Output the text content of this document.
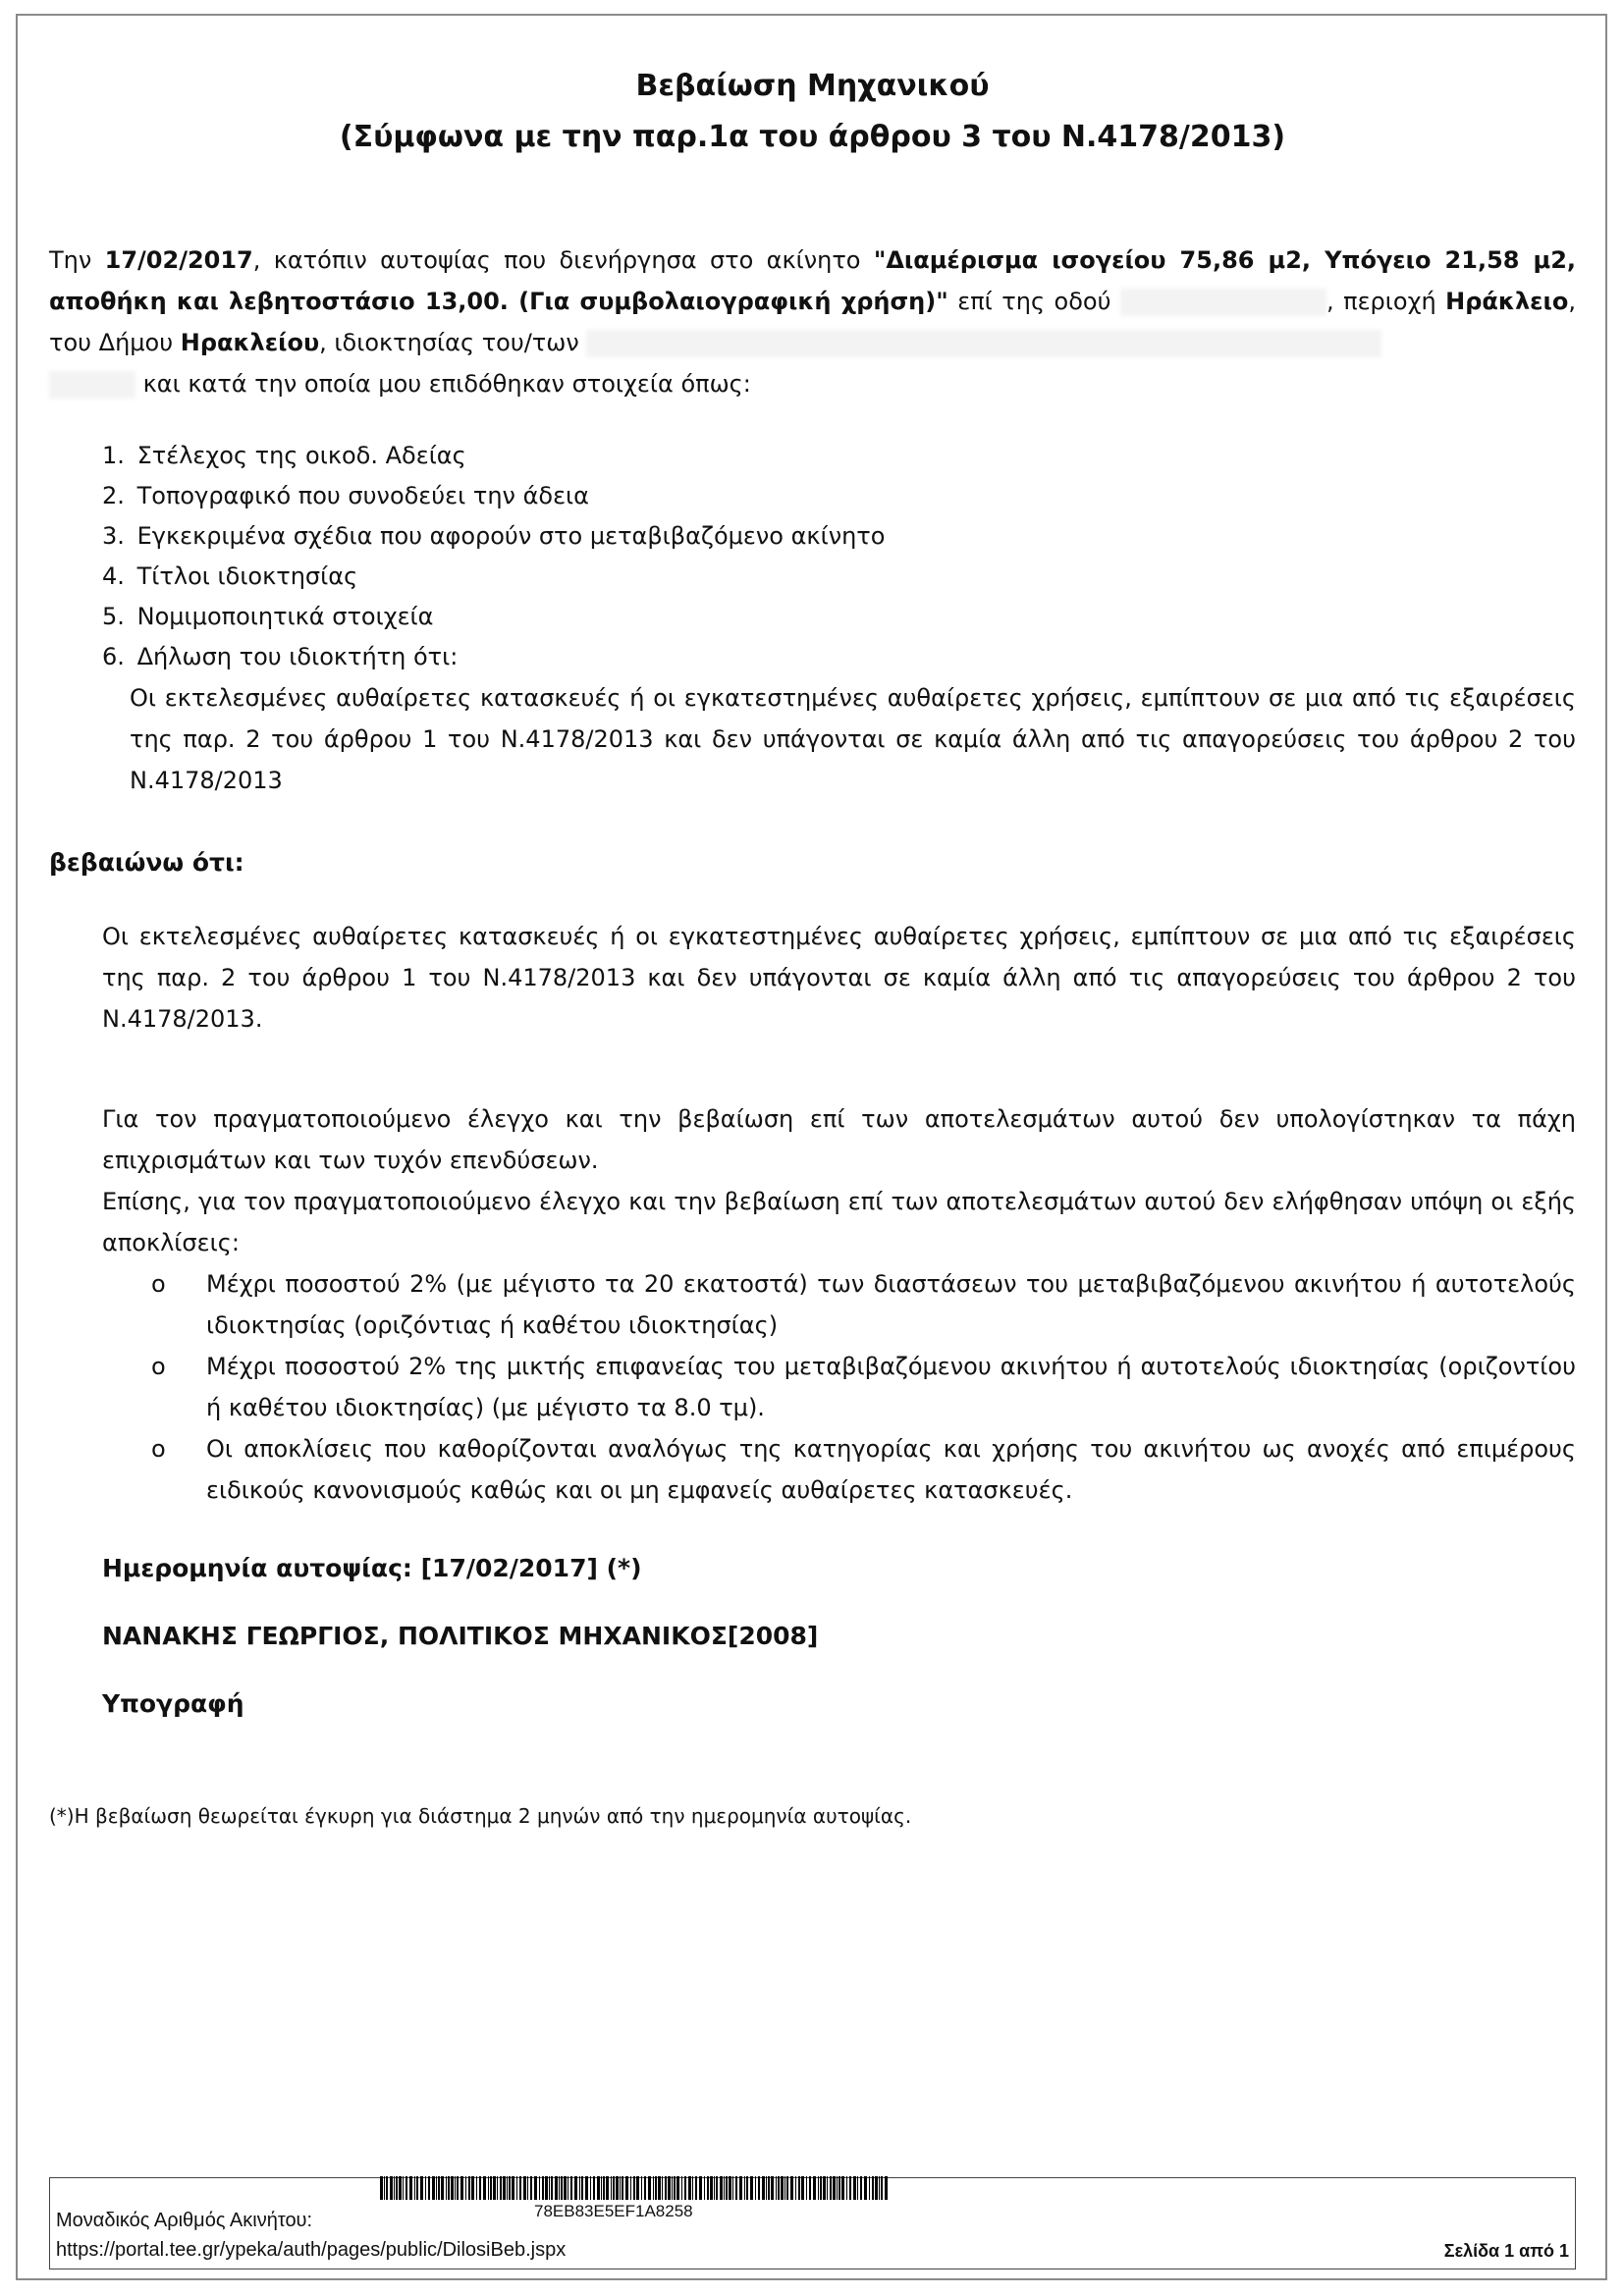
Βεβαίωση Μηχανικού

(Σύμφωνα με την παρ.1α του άρθρου 3 του Ν.4178/2013)

Την 17/02/2017, κατόπιν αυτοψίας που διενήργησα στο ακίνητο "Διαμέρισμα ισογείου 75,86 μ2, Υπόγειο 21,58 μ2, αποθήκη και λεβητοστάσιο 13,00. (Για συμβολαιογραφική χρήση)" επί της οδού	, περιοχή Ηράκλειο, του Δήμου Ηρακλείου, ιδιοκτησίας του/των
και κατά την οποία μου επιδόθηκαν στοιχεία όπως:

1. Στέλεχος της οικοδ. Αδείας
2. Τοπογραφικό που συνοδεύει την άδεια
3. Εγκεκριμένα σχέδια που αφορούν στο μεταβιβαζόμενο ακίνητο
4. Τίτλοι ιδιοκτησίας
5. Νομιμοποιητικά στοιχεία
6. Δήλωση του ιδιοκτήτη ότι:
Οι εκτελεσμένες αυθαίρετες κατασκευές ή οι εγκατεστημένες αυθαίρετες χρήσεις, εμπίπτουν σε μια από τις εξαιρέσεις της παρ. 2 του άρθρου 1 του Ν.4178/2013 και δεν υπάγονται σε καμία άλλη από τις απαγορεύσεις του άρθρου 2 του Ν.4178/2013

βεβαιώνω ότι:

Οι εκτελεσμένες αυθαίρετες κατασκευές ή οι εγκατεστημένες αυθαίρετες χρήσεις, εμπίπτουν σε μια από τις εξαιρέσεις της παρ. 2 του άρθρου 1 του Ν.4178/2013 και δεν υπάγονται σε καμία άλλη από τις απαγορεύσεις του άρθρου 2 του Ν.4178/2013.

Για τον πραγματοποιούμενο έλεγχο και την βεβαίωση επί των αποτελεσμάτων αυτού δεν υπολογίστηκαν τα πάχη επιχρισμάτων και των τυχόν επενδύσεων.

Επίσης, για τον πραγματοποιούμενο έλεγχο και την βεβαίωση επί των αποτελεσμάτων αυτού δεν ελήφθησαν υπόψη οι εξής αποκλίσεις:

o Μέχρι ποσοστού 2% (με μέγιστο τα 20 εκατοστά) των διαστάσεων του μεταβιβαζόμενου ακινήτου ή αυτοτελούς ιδιοκτησίας (οριζόντιας ή καθέτου ιδιοκτησίας)
o Μέχρι ποσοστού 2% της μικτής επιφανείας του μεταβιβαζόμενου ακινήτου ή αυτοτελούς ιδιοκτησίας (οριζοντίου ή καθέτου ιδιοκτησίας) (με μέγιστο τα 8.0 τμ).
o Οι αποκλίσεις που καθορίζονται αναλόγως της κατηγορίας και χρήσης του ακινήτου ως ανοχές από επιμέρους ειδικούς κανονισμούς καθώς και οι μη εμφανείς αυθαίρετες κατασκευές.

Ημερομηνία αυτοψίας: [17/02/2017] (*)

ΝΑΝΑΚΗΣ ΓΕΩΡΓΙΟΣ, ΠΟΛΙΤΙΚΟΣ ΜΗΧΑΝΙΚΟΣ[2008]

Υπογραφή

(*)Η βεβαίωση θεωρείται έγκυρη για διάστημα 2 μηνών από την ημερομηνία αυτοψίας.

Μοναδικός Αριθμός Ακινήτου:	78EB83E5EF1A8258
https://portal.tee.gr/ypeka/auth/pages/public/DilosiBeb.jspx	Σελίδα 1 από 1
